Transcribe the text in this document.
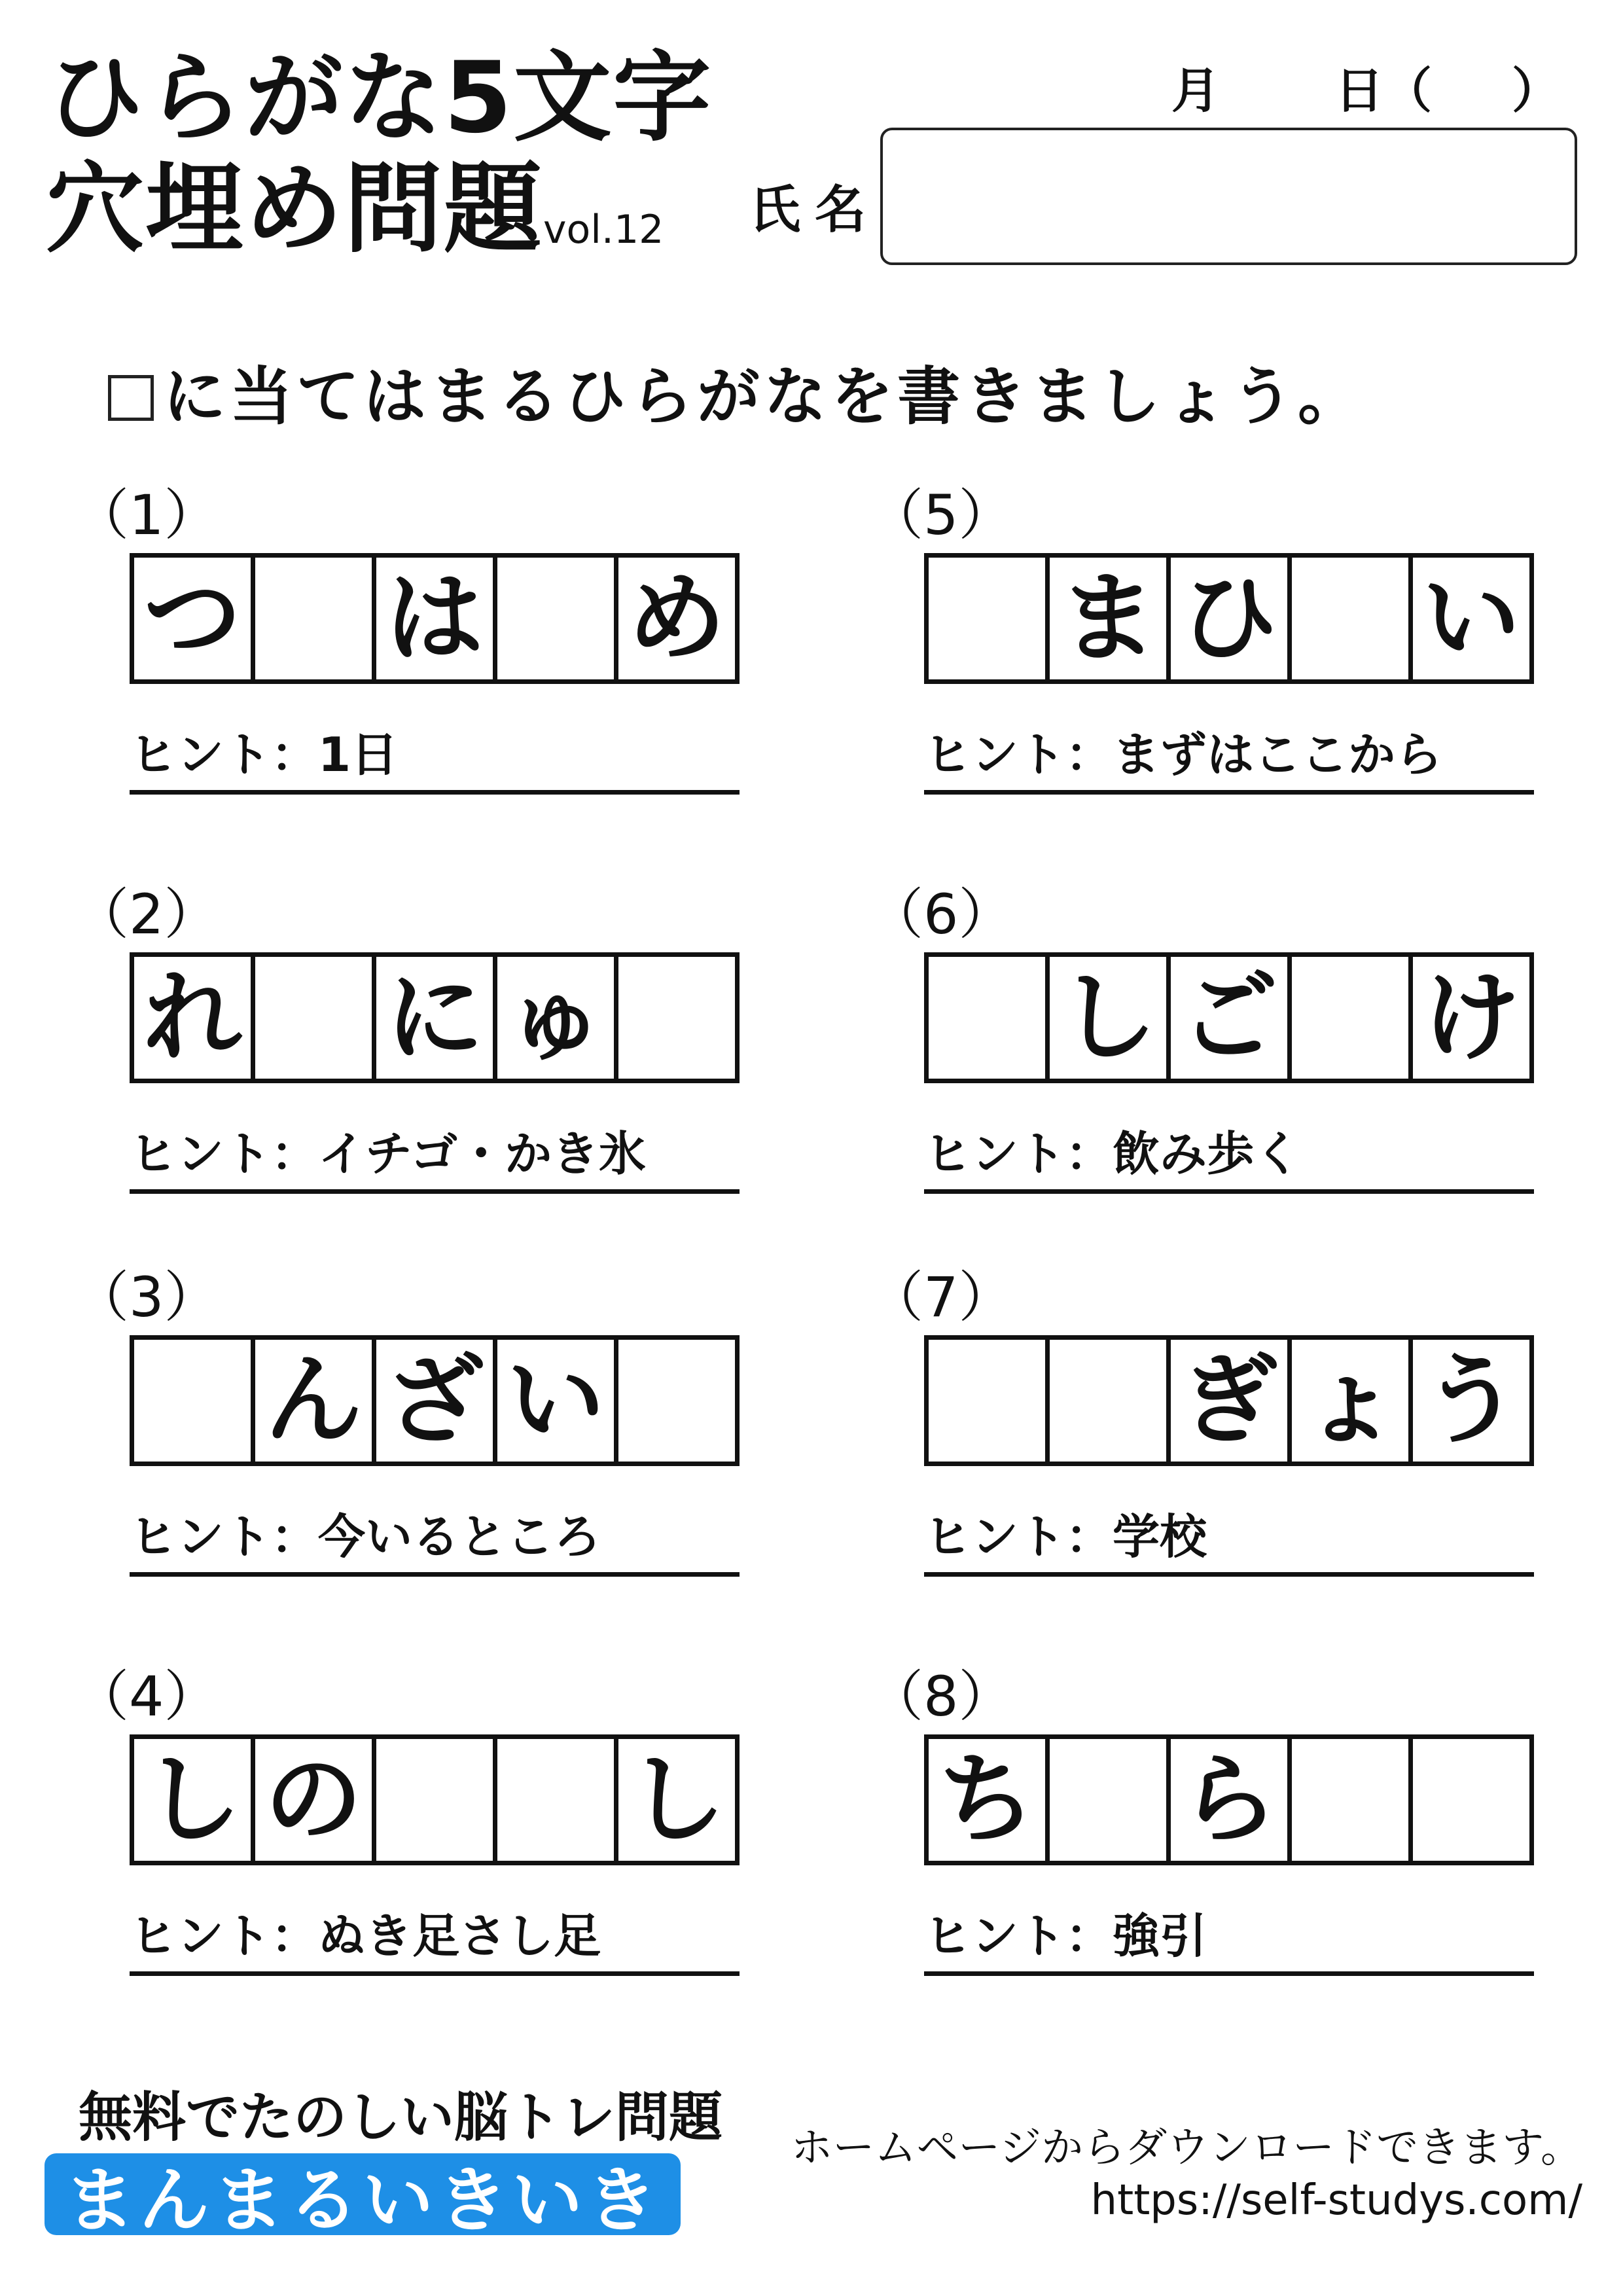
ひらがな5文字
穴埋め問題vol.12
月 日（ ）
氏名
に当てはまるひらがなを書きましょう。
（1）
つ は め
ヒント：1日
（2）
れ に ゅ
ヒント：イチゴ・かき氷
（3）
ん ざ い
ヒント：今いるところ
（4）
し の	し
ヒント：ぬき足さし足
（5）
ま ひ い
ヒント：まずはここから
（6）
し ご け
ヒント：飲み歩く
（7）
ぎ ょ う
ヒント：学校
（8）
ち ら
ヒント：強引
無料でたのしい脳トレ問題
まんまるいきいき
ホームページからダウンロードできます。
https://self-studys.com/
